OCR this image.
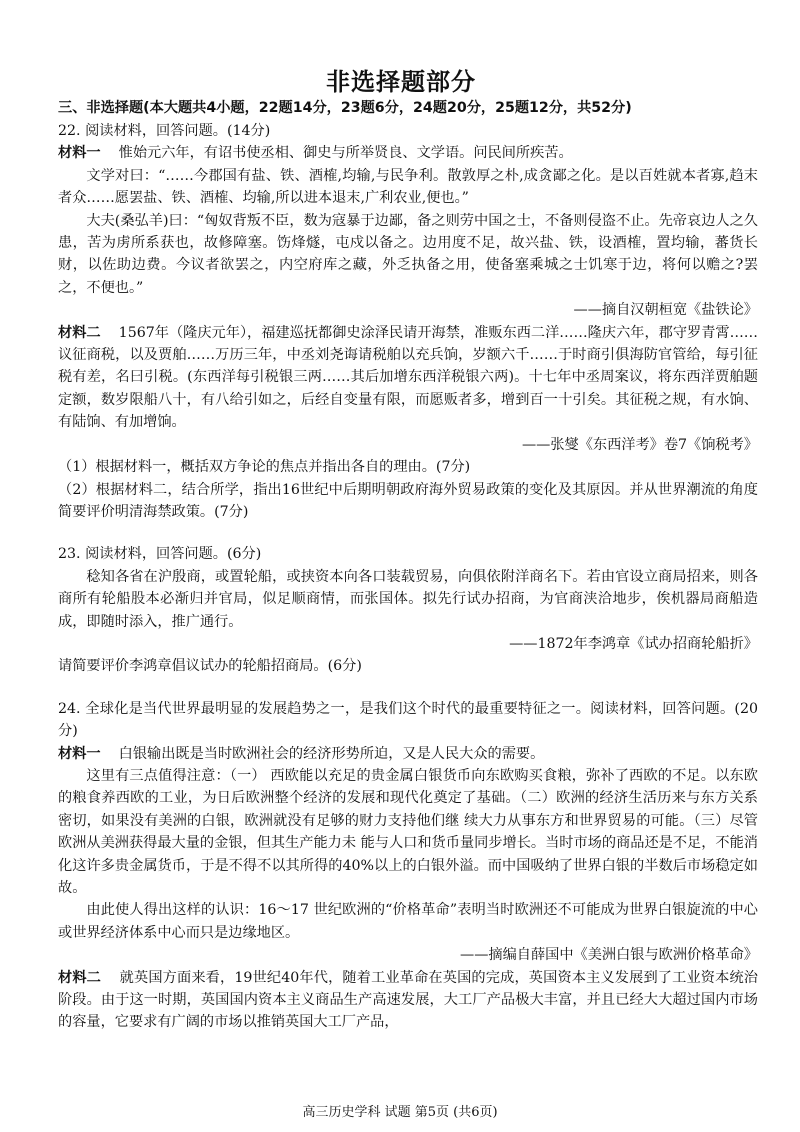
非选择题部分
三、非选择题(本大题共4小题，22题14分，23题6分，24题20分，25题12分，共52分)

22. 阅读材料，回答问题。(14分)

材料一 惟始元六年，有诏书使丞相、御史与所举贤良、文学语。问民间所疾苦。

文学对曰：“……今郡国有盐、铁、酒榷,均输,与民争利。散敦厚之朴,成贪鄙之化。是以百姓就本者寡,趋末者众……愿罢盐、铁、酒榷、均输,所以进本退末,广利农业,便也。”

大夫(桑弘羊)曰：“匈奴背叛不臣，数为寇暴于边鄙，备之则劳中国之士，不备则侵盗不止。先帝哀边人之久患，苦为虏所系获也，故修障塞。饬烽燧，屯戍以备之。边用度不足，故兴盐、铁，设酒榷，置均输，蕃货长财，以佐助边费。今议者欲罢之，内空府库之藏，外乏执备之用，使备塞乘城之士饥寒于边，将何以赡之?罢之，不便也。”

——摘自汉朝桓宽《盐铁论》

材料二 1567年（隆庆元年），福建巡抚都御史涂泽民请开海禁，准贩东西二洋……隆庆六年，郡守罗青霄……议征商税，以及贾舶……万历三年，中丞刘尧诲请税舶以充兵饷，岁额六千……于时商引俱海防官管给，每引征税有差，名曰引税。(东西洋每引税银三两……其后加增东西洋税银六两)。十七年中丞周案议，将东西洋贾舶题定额，数岁限船八十，有八给引如之，后经自变量有限，而愿贩者多，增到百一十引矣。其征税之规，有水饷、有陆饷、有加增饷。

——张燮《东西洋考》卷7《饷税考》

（1）根据材料一，概括双方争论的焦点并指出各自的理由。(7分)

（2）根据材料二，结合所学，指出16世纪中后期明朝政府海外贸易政策的变化及其原因。并从世界潮流的角度简要评价明清海禁政策。(7分)

23. 阅读材料，回答问题。(6分)

稔知各省在沪殷商，或置轮船，或挟资本向各口装载贸易，向俱依附洋商名下。若由官设立商局招来，则各商所有轮船股本必渐归并官局，似足顺商情，而张国体。拟先行试办招商，为官商浃洽地步，俟机器局商船造成，即随时添入，推广通行。

——1872年李鸿章《试办招商轮船折》

请简要评价李鸿章倡议试办的轮船招商局。(6分)

24. 全球化是当代世界最明显的发展趋势之一，是我们这个时代的最重要特征之一。阅读材料，回答问题。(20分)

材料一 白银输出既是当时欧洲社会的经济形势所迫，又是人民大众的需要。

这里有三点值得注意：（一） 西欧能以充足的贵金属白银货币向东欧购买食粮，弥补了西欧的不足。以东欧的粮食养西欧的工业，为日后欧洲整个经济的发展和现代化奠定了基础。（二）欧洲的经济生活历来与东方关系密切，如果没有美洲的白银，欧洲就没有足够的财力支持他们继 续大力从事东方和世界贸易的可能。（三）尽管欧洲从美洲获得最大量的金银，但其生产能力未 能与人口和货币量同步增长。当时市场的商品还是不足，不能消化这许多贵金属货币，于是不得不以其所得的40%以上的白银外溢。而中国吸纳了世界白银的半数后市场稳定如故。

由此使人得出这样的认识：16～17 世纪欧洲的“价格革命”表明当时欧洲还不可能成为世界白银旋流的中心或世界经济体系中心而只是边缘地区。

——摘编自薛国中《美洲白银与欧洲价格革命》

材料二 就英国方面来看，19世纪40年代，随着工业革命在英国的完成，英国资本主义发展到了工业资本统治阶段。由于这一时期，英国国内资本主义商品生产高速发展，大工厂产品极大丰富，并且已经大大超过国内市场的容量，它要求有广阔的市场以推销英国大工厂产品，

高三历史学科 试题 第5页 (共6页)
